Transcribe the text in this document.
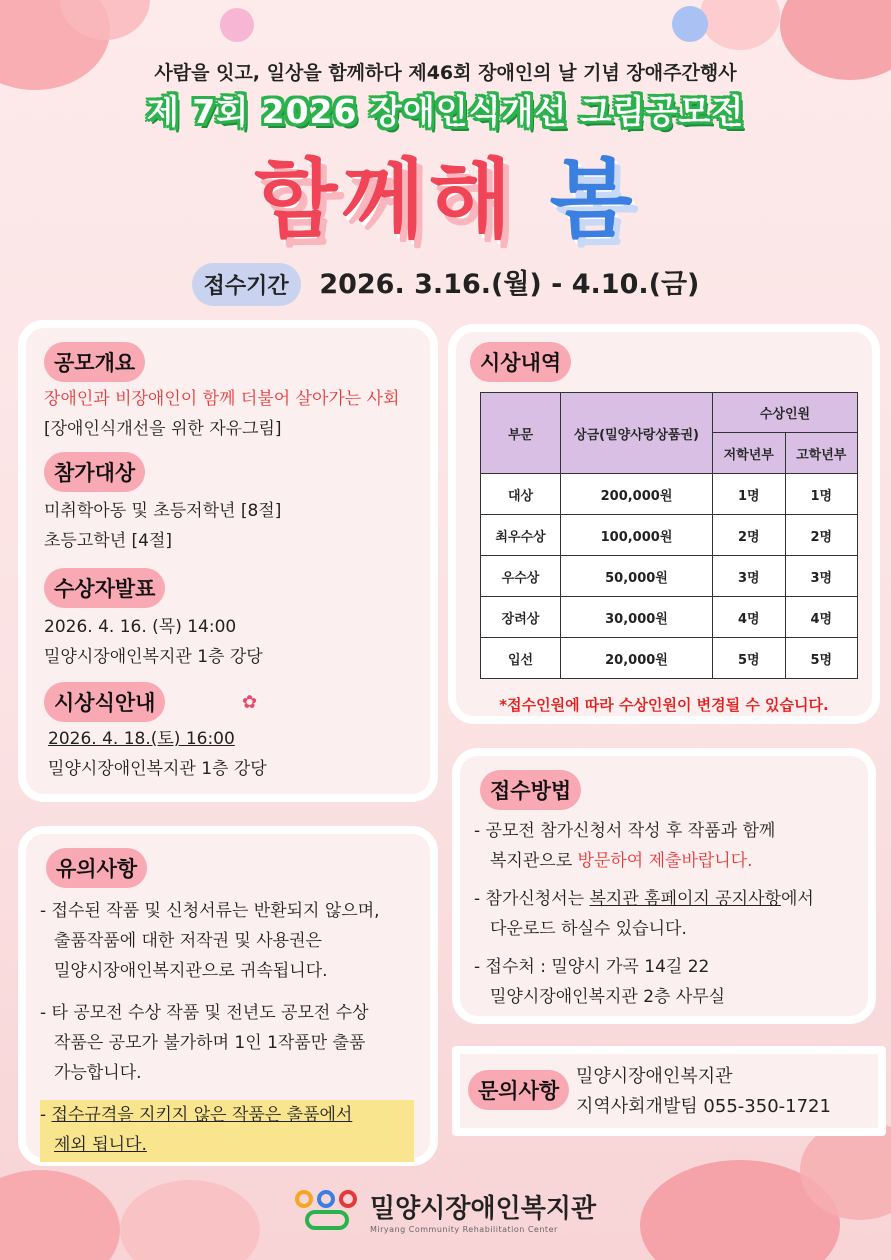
사람을 잇고, 일상을 함께하다 제46회 장애인의 날 기념 장애주간행사
제 7회 2026 장애인식개선 그림공모전
함께해 봄
접수기간 2026. 3.16.(월) - 4.10.(금)
공모개요
장애인과 비장애인이 함께 더불어 살아가는 사회
[장애인식개선을 위한 자유그림]
참가대상
미취학아동 및 초등저학년 [8절]
초등고학년 [4절]
수상자발표
2026. 4. 16. (목) 14:00
밀양시장애인복지관 1층 강당
시상식안내	✿
2026. 4. 18.(토) 16:00
밀양시장애인복지관 1층 강당
시상내역
부문	상금(밀양사랑상품권)	수상인원	
		저학년부	고학년부
대상	200,000원	1명	1명
최우수상	100,000원	2명	2명
우수상	50,000원	3명	3명
장려상	30,000원	4명	4명
입선	20,000원	5명	5명
*접수인원에 따라 수상인원이 변경될 수 있습니다.
접수방법
- 공모전 참가신청서 작성 후 작품과 함께
복지관으로 방문하여 제출바랍니다.
- 참가신청서는 복지관 홈페이지 공지사항에서
다운로드 하실수 있습니다.
- 접수처 : 밀양시 가곡 14길 22
밀양시장애인복지관 2층 사무실
유의사항
- 접수된 작품 및 신청서류는 반환되지 않으며,
출품작품에 대한 저작권 및 사용권은
밀양시장애인복지관으로 귀속됩니다.
- 타 공모전 수상 작품 및 전년도 공모전 수상
작품은 공모가 불가하며 1인 1작품만 출품
가능합니다.
- 접수규격을 지키지 않은 작품은 출품에서
제외 됩니다.
문의사항
밀양시장애인복지관
지역사회개발팀 055-350-1721

밀양시장애인복지관
Miryang Community Rehabilitation Center
